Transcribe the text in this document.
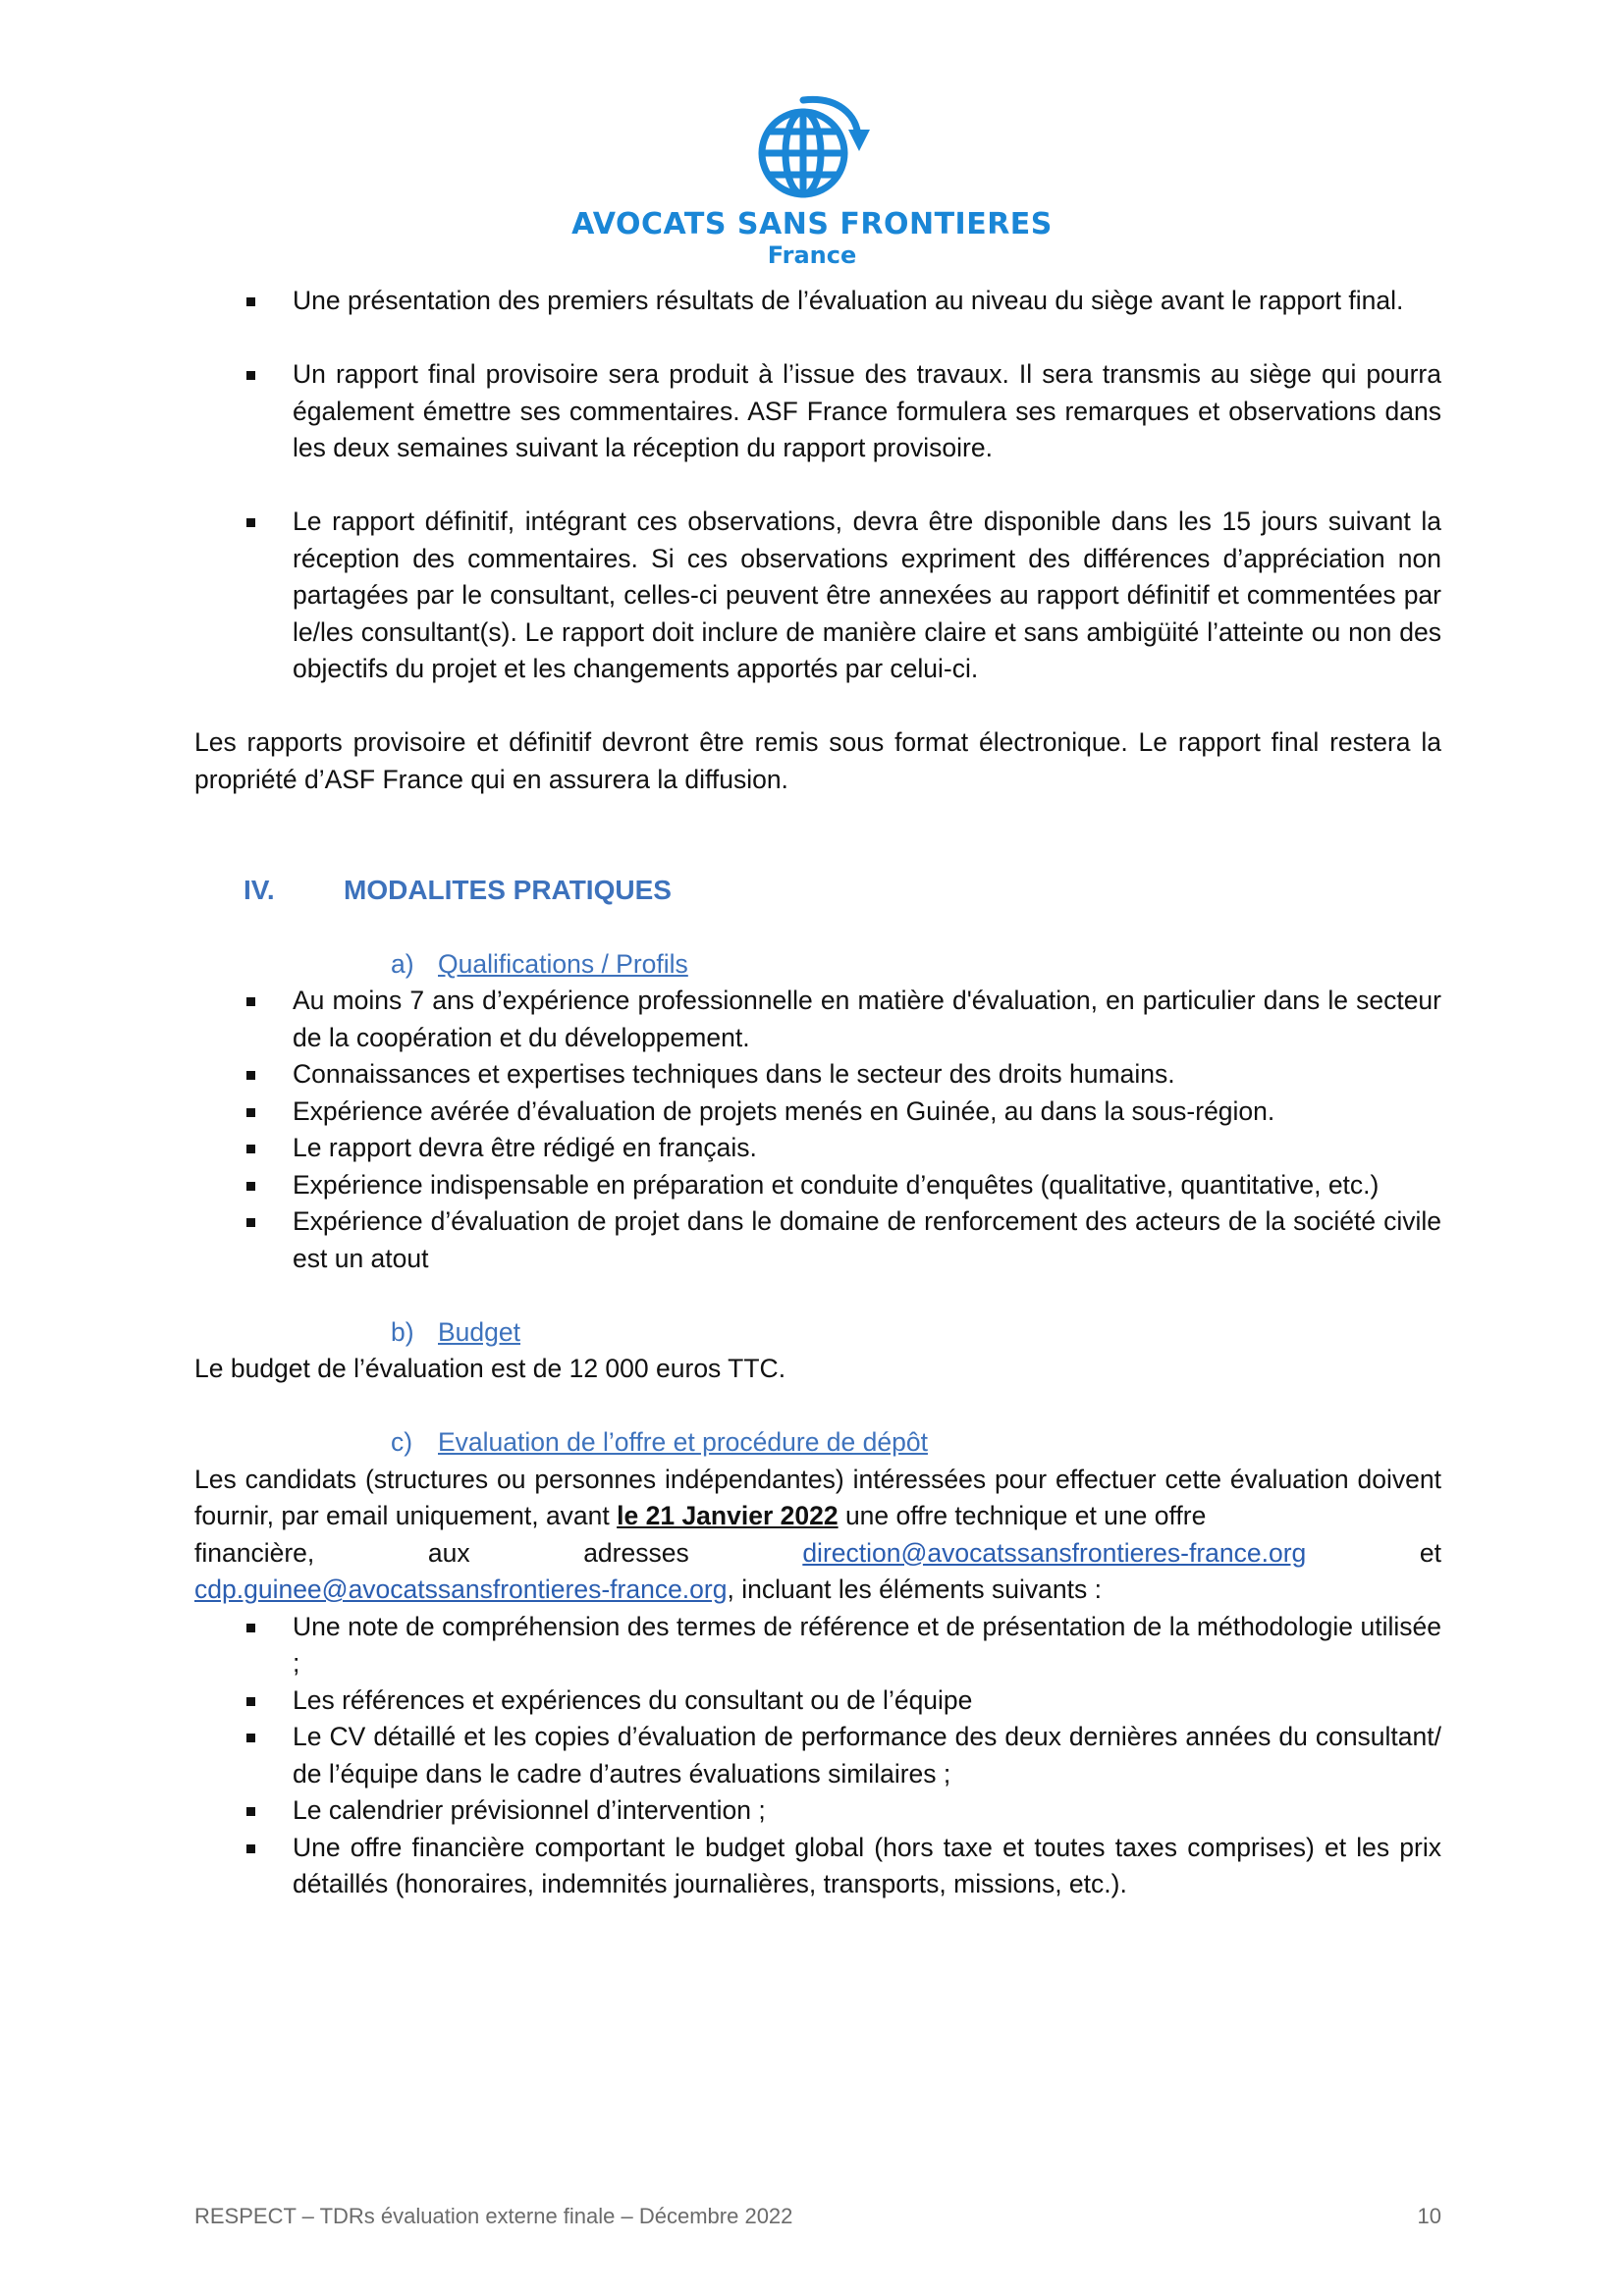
AVOCATS SANS FRONTIERES
France
Une présentation des premiers résultats de l’évaluation au niveau du siège avant le rapport final.
Un rapport final provisoire sera produit à l’issue des travaux. Il sera transmis au siège qui pourra également émettre ses commentaires. ASF France formulera ses remarques et observations dans les deux semaines suivant la réception du rapport provisoire.
Le rapport définitif, intégrant ces observations, devra être disponible dans les 15 jours suivant la réception des commentaires. Si ces observations expriment des différences d’appréciation non partagées par le consultant, celles-ci peuvent être annexées au rapport définitif et commentées par le/les consultant(s). Le rapport doit inclure de manière claire et sans ambigüité l’atteinte ou non des objectifs du projet et les changements apportés par celui-ci.

Les rapports provisoire et définitif devront être remis sous format électronique. Le rapport final restera la propriété d’ASF France qui en assurera la diffusion.

IV.	MODALITES PRATIQUES

a) Qualifications / Profils

Au moins 7 ans d’expérience professionnelle en matière d'évaluation, en particulier dans le secteur de la coopération et du développement.
Connaissances et expertises techniques dans le secteur des droits humains.
Expérience avérée d’évaluation de projets menés en Guinée, au dans la sous-région.
Le rapport devra être rédigé en français.
Expérience indispensable en préparation et conduite d’enquêtes (qualitative, quantitative, etc.)
Expérience d’évaluation de projet dans le domaine de renforcement des acteurs de la société civile est un atout

b) Budget

Le budget de l’évaluation est de 12 000 euros TTC.

c) Evaluation de l’offre et procédure de dépôt

Les candidats (structures ou personnes indépendantes) intéressées pour effectuer cette évaluation doivent fournir, par email uniquement, avant le 21 Janvier 2022 une offre technique et une offre

financière,	aux	adresses	direction@avocatssansfrontieres-france.org	et

cdp.guinee@avocatssansfrontieres-france.org, incluant les éléments suivants :

Une note de compréhension des termes de référence et de présentation de la méthodologie utilisée ;
Les références et expériences du consultant ou de l’équipe
Le CV détaillé et les copies d’évaluation de performance des deux dernières années du consultant/ de l’équipe dans le cadre d’autres évaluations similaires ;
Le calendrier prévisionnel d’intervention ;
Une offre financière comportant le budget global (hors taxe et toutes taxes comprises) et les prix détaillés (honoraires, indemnités journalières, transports, missions, etc.).
RESPECT – TDRs évaluation externe finale – Décembre 2022	10
